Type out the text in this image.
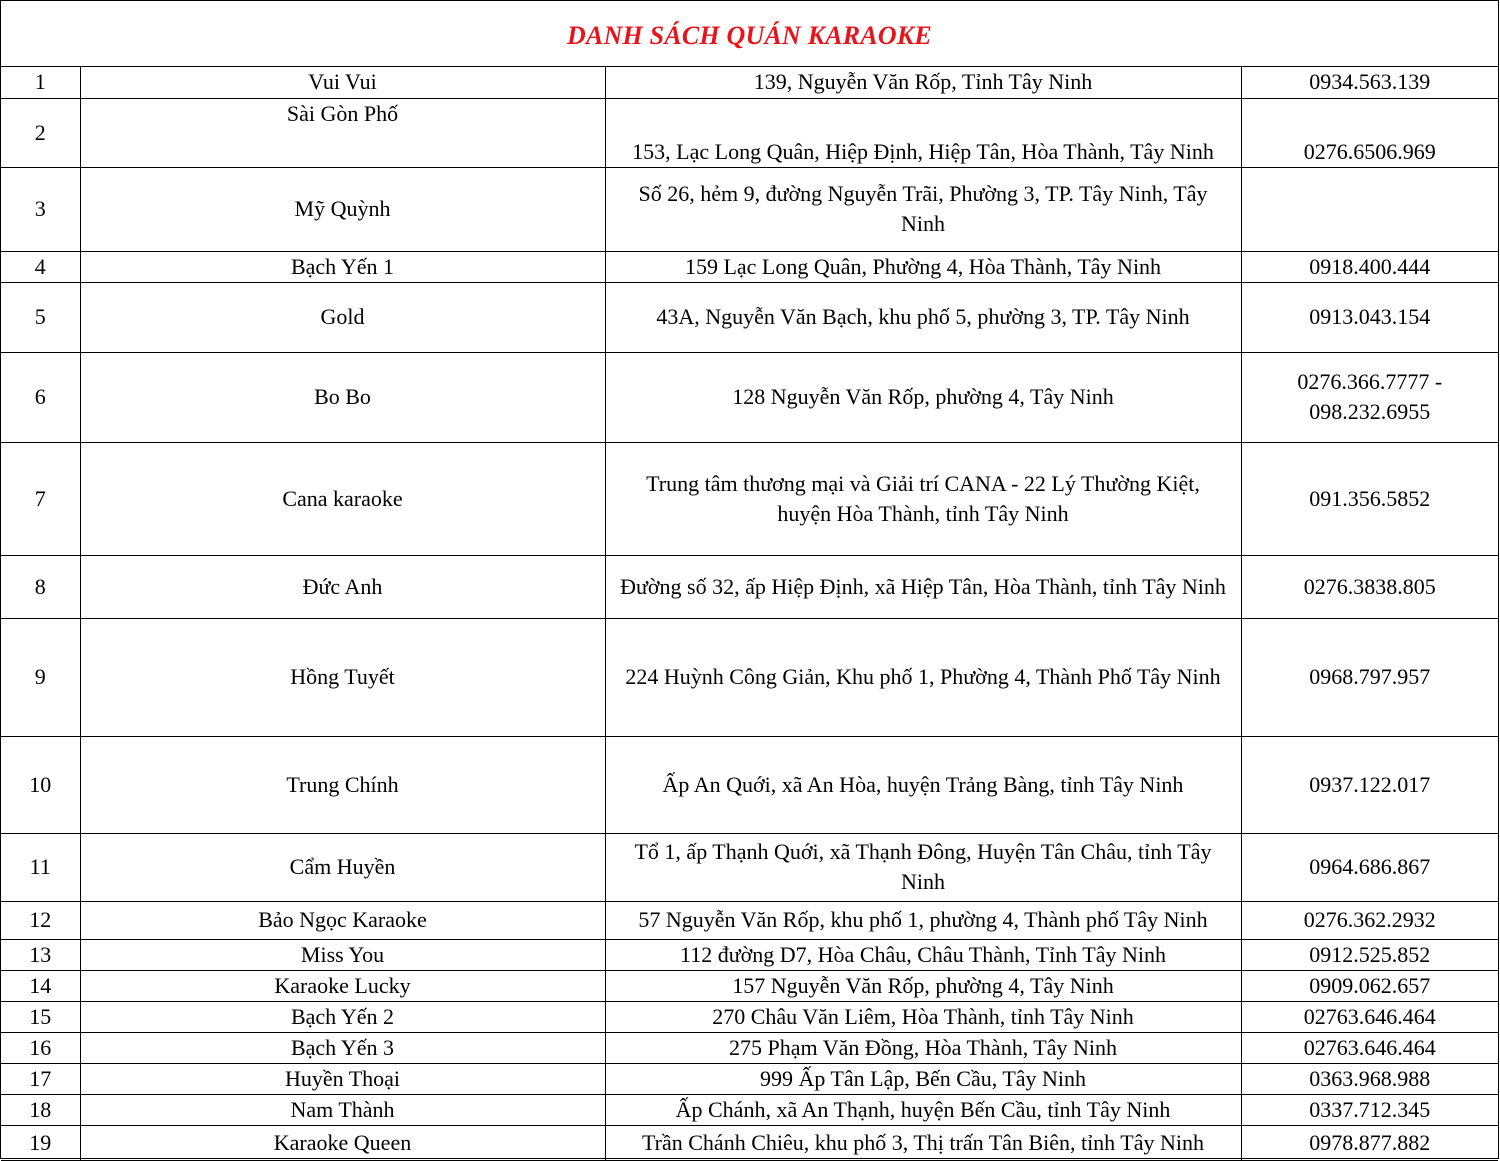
DANH SÁCH QUÁN KARAOKE
1	Vui Vui	139, Nguyễn Văn Rốp, Tỉnh Tây Ninh	0934.563.139
2	Sài Gòn Phố	153, Lạc Long Quân, Hiệp Định, Hiệp Tân, Hòa Thành, Tây Ninh	0276.6506.969
3	Mỹ Quỳnh	Số 26, hẻm 9, đường Nguyễn Trãi, Phường 3, TP. Tây Ninh, Tây Ninh	
4	Bạch Yến 1	159 Lạc Long Quân, Phường 4, Hòa Thành, Tây Ninh	0918.400.444
5	Gold	43A, Nguyễn Văn Bạch, khu phố 5, phường 3, TP. Tây Ninh	0913.043.154
6	Bo Bo	128 Nguyễn Văn Rốp, phường 4, Tây Ninh	0276.366.7777 - 098.232.6955
7	Cana karaoke	Trung tâm thương mại và Giải trí CANA - 22 Lý Thường Kiệt, huyện Hòa Thành, tỉnh Tây Ninh	091.356.5852
8	Đức Anh	Đường số 32, ấp Hiệp Định, xã Hiệp Tân, Hòa Thành, tỉnh Tây Ninh	0276.3838.805
9	Hồng Tuyết	224 Huỳnh Công Giản, Khu phố 1, Phường 4, Thành Phố Tây Ninh	0968.797.957
10	Trung Chính	Ấp An Quới, xã An Hòa, huyện Trảng Bàng, tỉnh Tây Ninh	0937.122.017
11	Cẩm Huyền	Tổ 1, ấp Thạnh Quới, xã Thạnh Đông, Huyện Tân Châu, tỉnh Tây Ninh	0964.686.867
12	Bảo Ngọc Karaoke	57 Nguyễn Văn Rốp, khu phố 1, phường 4, Thành phố Tây Ninh	0276.362.2932
13	Miss You	112 đường D7, Hòa Châu, Châu Thành, Tỉnh Tây Ninh	0912.525.852
14	Karaoke Lucky	157 Nguyễn Văn Rốp, phường 4, Tây Ninh	0909.062.657
15	Bạch Yến 2	270 Châu Văn Liêm, Hòa Thành, tỉnh Tây Ninh	02763.646.464
16	Bạch Yến 3	275 Phạm Văn Đồng, Hòa Thành, Tây Ninh	02763.646.464
17	Huyền Thoại	999 Ấp Tân Lập, Bến Cầu, Tây Ninh	0363.968.988
18	Nam Thành	Ấp Chánh, xã An Thạnh, huyện Bến Cầu, tỉnh Tây Ninh	0337.712.345
19	Karaoke Queen	Trần Chánh Chiêu, khu phố 3, Thị trấn Tân Biên, tỉnh Tây Ninh	0978.877.882
